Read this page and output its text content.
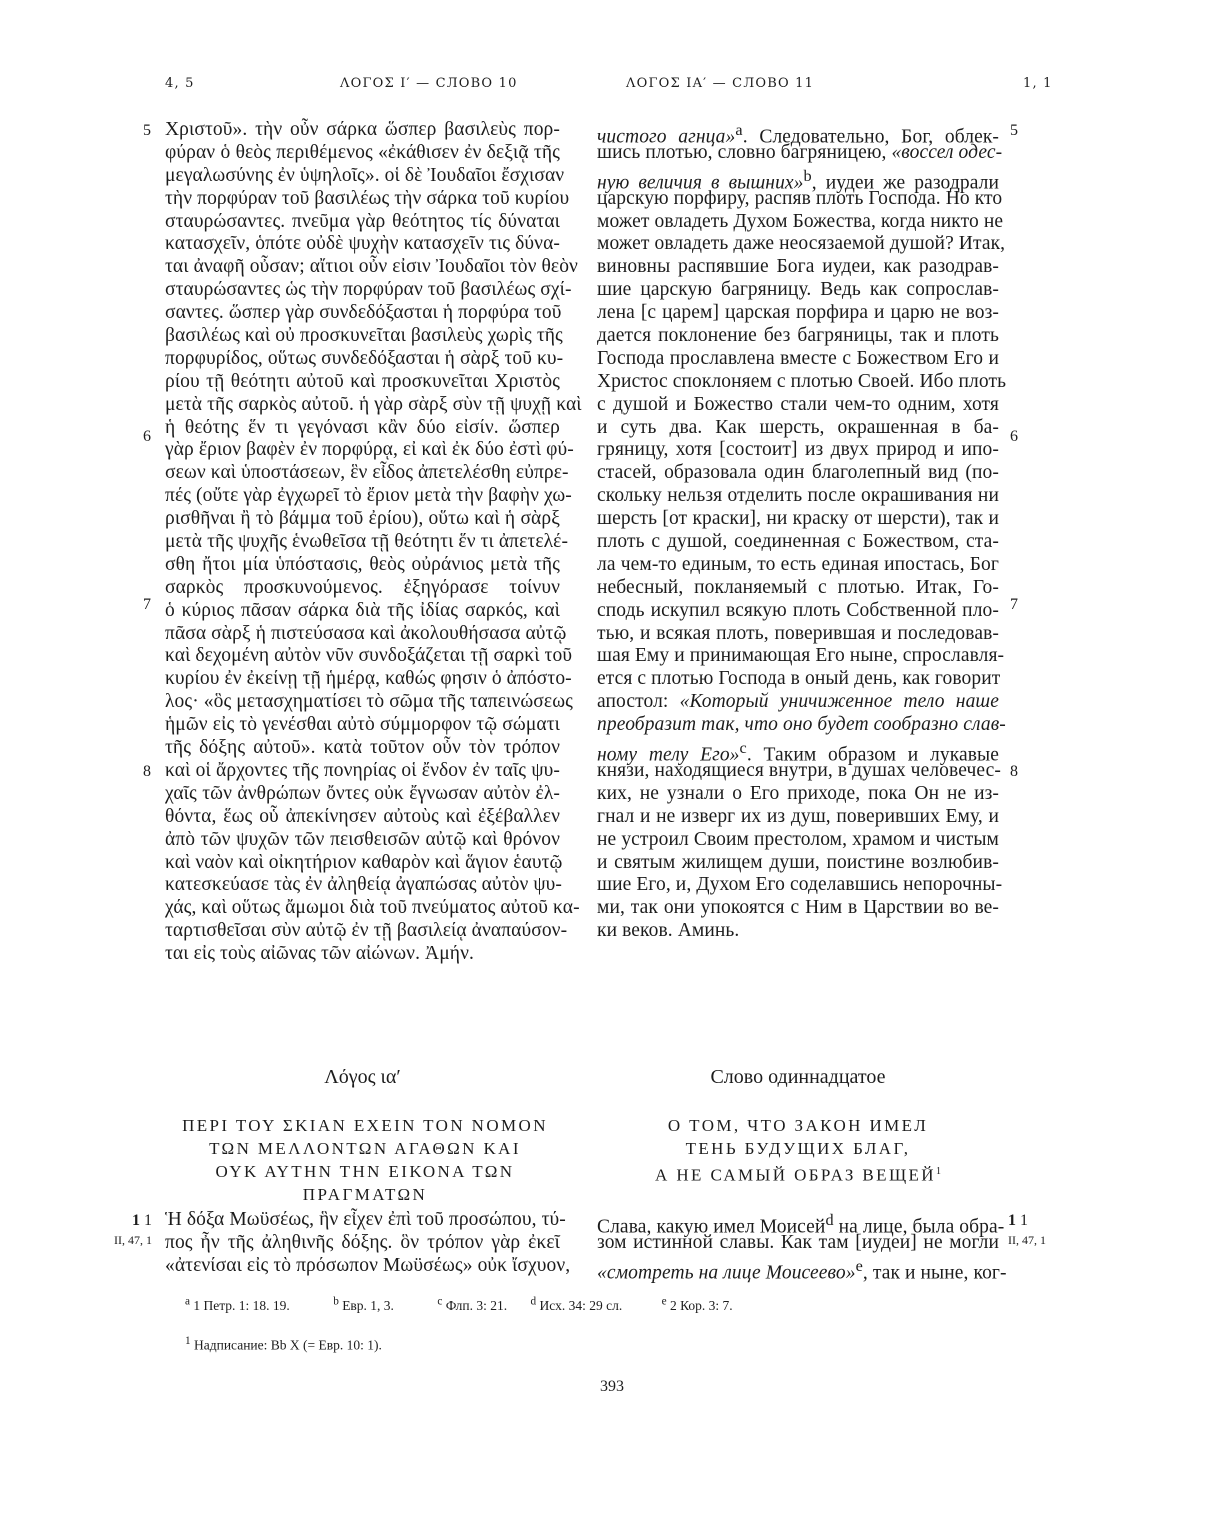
4, 5	ΛΟΓΟΣ Ι′ — СЛОВО 10	ΛΟΓΟΣ ΙΑ′ — СЛОВО 11	1, 1
Χριστοῦ». τὴν οὖν σάρκα ὥσπερ βασιλεὺς πορ-
φύραν ὁ θεὸς περιθέμενος «ἐκάθισεν ἐν δεξιᾷ τῆς
μεγαλωσύνης ἐν ὑψηλοῖς». οἱ δὲ Ἰουδαῖοι ἔσχισαν
τὴν πορφύραν τοῦ βασιλέως τὴν σάρκα τοῦ κυρίου
σταυρώσαντες. πνεῦμα γὰρ θεότητος τίς δύναται
κατασχεῖν, ὁπότε οὐδὲ ψυχὴν κατασχεῖν τις δύνα-
ται ἀναφῆ οὖσαν; αἴτιοι οὖν εἰσιν Ἰουδαῖοι τὸν θεὸν
σταυρώσαντες ὡς τὴν πορφύραν τοῦ βασιλέως σχί-
σαντες. ὥσπερ γὰρ συνδεδόξασται ἡ πορφύρα τοῦ
βασιλέως καὶ οὐ προσκυνεῖται βασιλεὺς χωρὶς τῆς
πορφυρίδος, οὕτως συνδεδόξασται ἡ σὰρξ τοῦ κυ-
ρίου τῇ θεότητι αὐτοῦ καὶ προσκυνεῖται Χριστὸς
μετὰ τῆς σαρκὸς αὐτοῦ. ἡ γὰρ σὰρξ σὺν τῇ ψυχῇ καὶ
ἡ θεότης ἕν τι γεγόνασι κἂν δύο εἰσίν. ὥσπερ
γὰρ ἔριον βαφὲν ἐν πορφύρᾳ, εἰ καὶ ἐκ δύο ἐστὶ φύ-
σεων καὶ ὑποστάσεων, ἓν εἶδος ἀπετελέσθη εὐπρε-
πές (οὔτε γὰρ ἐγχωρεῖ τὸ ἔριον μετὰ τὴν βαφὴν χω-
ρισθῆναι ἢ τὸ βάμμα τοῦ ἐρίου), οὕτω καὶ ἡ σὰρξ
μετὰ τῆς ψυχῆς ἑνωθεῖσα τῇ θεότητι ἕν τι ἀπετελέ-
σθη ἤτοι μία ὑπόστασις, θεὸς οὐράνιος μετὰ τῆς
σαρκὸς προσκυνούμενος. ἐξηγόρασε τοίνυν
ὁ κύριος πᾶσαν σάρκα διὰ τῆς ἰδίας σαρκός, καὶ
πᾶσα σὰρξ ἡ πιστεύσασα καὶ ἀκολουθήσασα αὐτῷ
καὶ δεχομένη αὐτὸν νῦν συνδοξάζεται τῇ σαρκὶ τοῦ
κυρίου ἐν ἐκείνῃ τῇ ἡμέρᾳ, καθώς φησιν ὁ ἀπόστο-
λος· «ὃς μετασχηματίσει τὸ σῶμα τῆς ταπεινώσεως
ἡμῶν εἰς τὸ γενέσθαι αὐτὸ σύμμορφον τῷ σώματι
τῆς δόξης αὐτοῦ». κατὰ τοῦτον οὖν τὸν τρόπον
καὶ οἱ ἄρχοντες τῆς πονηρίας οἱ ἔνδον ἐν ταῖς ψυ-
χαῖς τῶν ἀνθρώπων ὄντες οὐκ ἔγνωσαν αὐτὸν ἐλ-
θόντα, ἕως οὗ ἀπεκίνησεν αὐτοὺς καὶ ἐξέβαλλεν
ἀπὸ τῶν ψυχῶν τῶν πεισθεισῶν αὐτῷ καὶ θρόνον
καὶ ναὸν καὶ οἰκητήριον καθαρὸν καὶ ἅγιον ἑαυτῷ
κατεσκεύασε τὰς ἐν ἀληθείᾳ ἀγαπώσας αὐτὸν ψυ-
χάς, καὶ οὕτως ἄμωμοι διὰ τοῦ πνεύματος αὐτοῦ κα-
ταρτισθεῖσαι σὺν αὐτῷ ἐν τῇ βασιλείᾳ ἀναπαύσον-
ται εἰς τοὺς αἰῶνας τῶν αἰώνων. Ἀμήν.
чистого агнца»$^a$. Следовательно, Бог, облек-
шись плотью, словно багряницею, «воссел одес-
ную величия в вышних»$^b$, иудеи же разодрали
царскую порфиру, распяв плоть Господа. Но кто
может овладеть Духом Божества, когда никто не
может овладеть даже неосязаемой душой? Итак,
виновны распявшие Бога иудеи, как разодрав-
шие царскую багряницу. Ведь как сопрослав-
лена [с царем] царская порфира и царю не воз-
дается поклонение без багряницы, так и плоть
Господа прославлена вместе с Божеством Его и
Христос споклоняем с плотью Своей. Ибо плоть
с душой и Божество стали чем-то одним, хотя
и суть два. Как шерсть, окрашенная в ба-
гряницу, хотя [состоит] из двух природ и ипо-
стасей, образовала один благолепный вид (по-
скольку нельзя отделить после окрашивания ни
шерсть [от краски], ни краску от шерсти), так и
плоть с душой, соединенная с Божеством, ста-
ла чем-то единым, то есть единая ипостась, Бог
небесный, покланяемый с плотью. Итак, Го-
сподь искупил всякую плоть Собственной пло-
тью, и всякая плоть, поверившая и последовав-
шая Ему и принимающая Его ныне, спрославля-
ется с плотью Господа в оный день, как говорит
апостол: «Который уничиженное тело наше
преобразит так, что оно будет сообразно слав-
ному телу Его»$^c$. Таким образом и лукавые
князи, находящиеся внутри, в душах человечес-
ких, не узнали о Его приходе, пока Он не из-
гнал и не изверг их из душ, поверивших Ему, и
не устроил Своим престолом, храмом и чистым
и святым жилищем души, поистине возлюбив-
шие Его, и, Духом Его соделавшись непорочны-
ми, так они упокоятся с Ним в Царствии во ве-
ки веков. Аминь.
5
6
7
8
5
6
7
8
Λόγος ια′	Слово одиннадцатое
ΠΕΡΙ ΤΟΥ ΣΚΙΑΝ ΕΧΕΙΝ ΤΟΝ ΝΟΜΟΝ
ΤΩΝ ΜΕΛΛΟΝΤΩΝ ΑΓΑΘΩΝ ΚΑΙ
ΟΥΚ ΑΥΤΗΝ ΤΗΝ ΕΙΚΟΝΑ ΤΩΝ ΠΡΑΓΜΑΤΩΝ
О ТОМ, ЧТО ЗАКОН ИМЕЛ
ТЕНЬ БУДУЩИХ БЛАГ,
А НЕ САМЫЙ ОБРАЗ ВЕЩЕЙ$^1$
1 1
II, 47, 1
1 1
II, 47, 1
Ἡ δόξα Μωϋσέως, ἣν εἶχεν ἐπὶ τοῦ προσώπου, τύ-
πος ἦν τῆς ἀληθινῆς δόξης. ὃν τρόπον γὰρ ἐκεῖ
«ἀτενίσαι εἰς τὸ πρόσωπον Μωϋσέως» οὐκ ἴσχυον,
Слава, какую имел Моисей$^d$ на лице, была обра-
зом истинной славы. Как там [иудеи] не могли
«смотреть на лице Моисеево»$^e$, так и ныне, ког-
$^a$ 1 Петр. 1: 18. 19.	$^b$ Евр. 1, 3.	$^c$ Флп. 3: 21. $^d$ Исх. 34: 29 сл.	$^e$ 2 Кор. 3: 7.
$^1$ Надписание: Bb X (= Евр. 10: 1).
393
